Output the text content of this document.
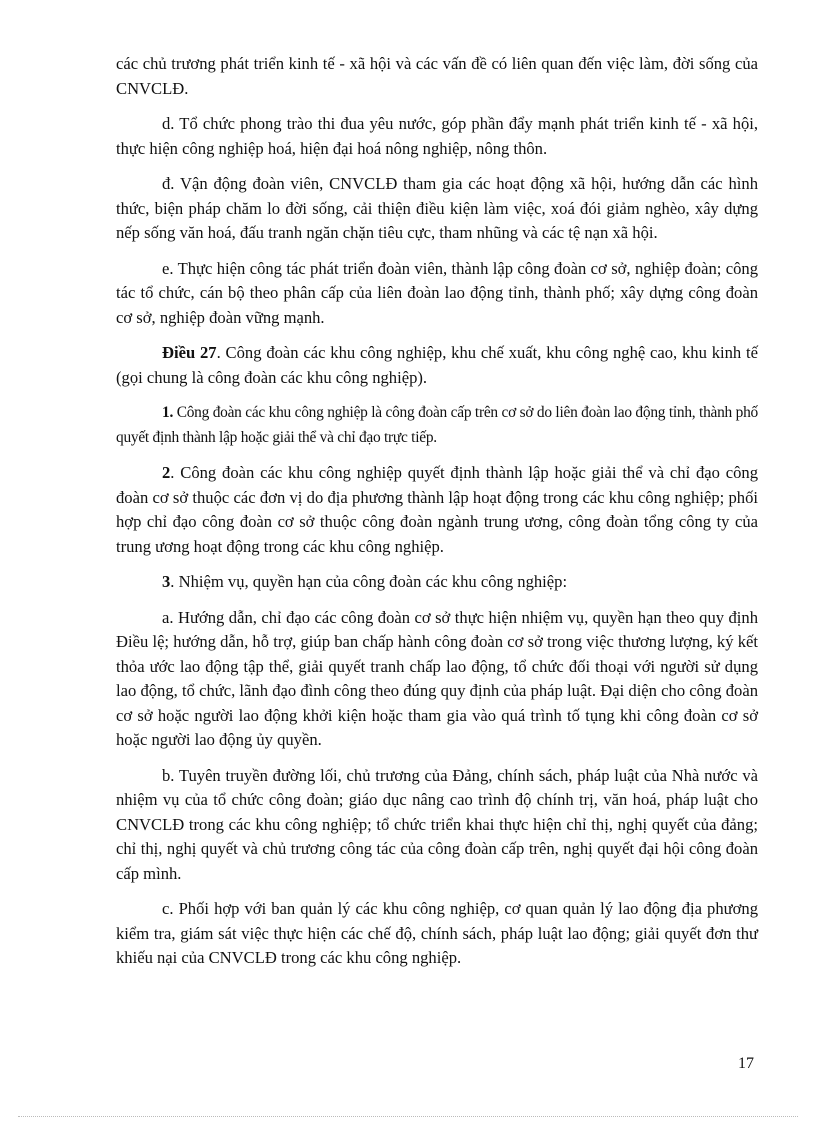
các chủ trương phát triển kinh tế - xã hội và các vấn đề có liên quan đến việc làm, đời sống của CNVCLĐ.

d. Tổ chức phong trào thi đua yêu nước, góp phần đẩy mạnh phát triển kinh tế - xã hội, thực hiện công nghiệp hoá, hiện đại hoá nông nghiệp, nông thôn.

đ. Vận động đoàn viên, CNVCLĐ tham gia các hoạt động xã hội, hướng dẫn các hình thức, biện pháp chăm lo đời sống, cải thiện điều kiện làm việc, xoá đói giảm nghèo, xây dựng nếp sống văn hoá, đấu tranh ngăn chặn tiêu cực, tham nhũng và các tệ nạn xã hội.

e. Thực hiện công tác phát triển đoàn viên, thành lập công đoàn cơ sở, nghiệp đoàn; công tác tổ chức, cán bộ theo phân cấp của liên đoàn lao động tỉnh, thành phố; xây dựng công đoàn cơ sở, nghiệp đoàn vững mạnh.

Điều 27. Công đoàn các khu công nghiệp, khu chế xuất, khu công nghệ cao, khu kinh tế (gọi chung là công đoàn các khu công nghiệp).

1. Công đoàn các khu công nghiệp là công đoàn cấp trên cơ sở do liên đoàn lao động tỉnh, thành phố quyết định thành lập hoặc giải thể và chỉ đạo trực tiếp.

2. Công đoàn các khu công nghiệp quyết định thành lập hoặc giải thể và chỉ đạo công đoàn cơ sở thuộc các đơn vị do địa phương thành lập hoạt động trong các khu công nghiệp; phối hợp chỉ đạo công đoàn cơ sở thuộc công đoàn ngành trung ương, công đoàn tổng công ty của trung ương hoạt động trong các khu công nghiệp.

3. Nhiệm vụ, quyền hạn của công đoàn các khu công nghiệp:

a. Hướng dẫn, chỉ đạo các công đoàn cơ sở thực hiện nhiệm vụ, quyền hạn theo quy định Điều lệ; hướng dẫn, hỗ trợ, giúp ban chấp hành công đoàn cơ sở trong việc thương lượng, ký kết thỏa ước lao động tập thể, giải quyết tranh chấp lao động, tổ chức đối thoại với người sử dụng lao động, tổ chức, lãnh đạo đình công theo đúng quy định của pháp luật. Đại diện cho công đoàn cơ sở hoặc người lao động khởi kiện hoặc tham gia vào quá trình tố tụng khi công đoàn cơ sở hoặc người lao động ủy quyền.

b. Tuyên truyền đường lối, chủ trương của Đảng, chính sách, pháp luật của Nhà nước và nhiệm vụ của tổ chức công đoàn; giáo dục nâng cao trình độ chính trị, văn hoá, pháp luật cho CNVCLĐ trong các khu công nghiệp; tổ chức triển khai thực hiện chỉ thị, nghị quyết của đảng; chỉ thị, nghị quyết và chủ trương công tác của công đoàn cấp trên, nghị quyết đại hội công đoàn cấp mình.

c. Phối hợp với ban quản lý các khu công nghiệp, cơ quan quản lý lao động địa phương kiểm tra, giám sát việc thực hiện các chế độ, chính sách, pháp luật lao động; giải quyết đơn thư khiếu nại của CNVCLĐ trong các khu công nghiệp.

17
